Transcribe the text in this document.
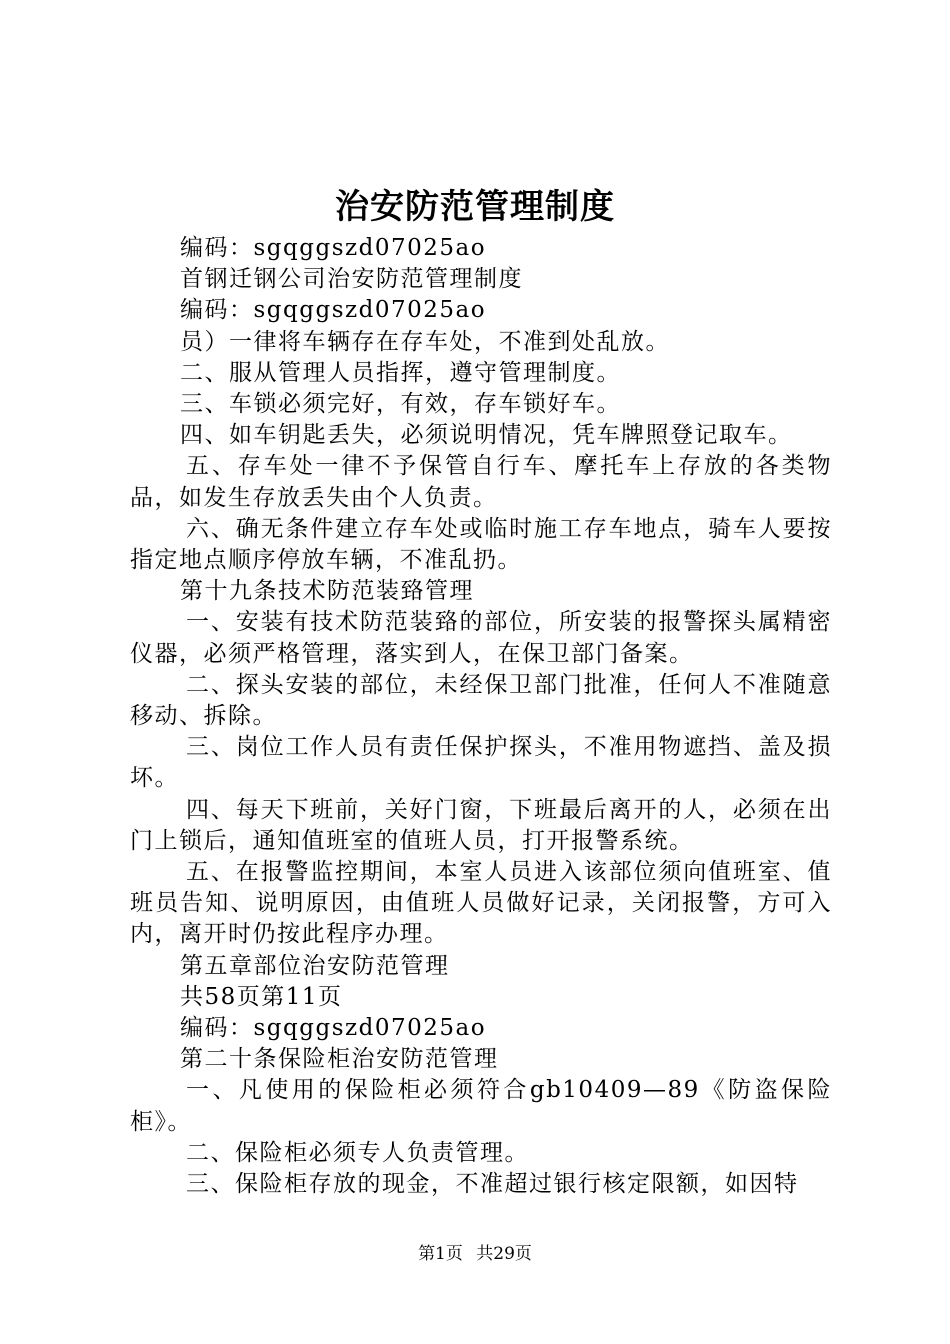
治安防范管理制度

编码：sgqggszd07025ao

首钢迁钢公司治安防范管理制度

编码：sgqggszd07025ao

员）一律将车辆存在存车处，不准到处乱放。

二、服从管理人员指挥，遵守管理制度。

三、车锁必须完好，有效，存车锁好车。

四、如车钥匙丢失，必须说明情况，凭车牌照登记取车。

五、存车处一律不予保管自行车、摩托车上存放的各类物品，如发生存放丢失由个人负责。

六、确无条件建立存车处或临时施工存车地点，骑车人要按指定地点顺序停放车辆，不准乱扔。

第十九条技术防范装臵管理

一、安装有技术防范装臵的部位，所安装的报警探头属精密仪器，必须严格管理，落实到人，在保卫部门备案。

二、探头安装的部位，未经保卫部门批准，任何人不准随意移动、拆除。

三、岗位工作人员有责任保护探头，不准用物遮挡、盖及损坏。

四、每天下班前，关好门窗，下班最后离开的人，必须在出门上锁后，通知值班室的值班人员，打开报警系统。

五、在报警监控期间，本室人员进入该部位须向值班室、值班员告知、说明原因，由值班人员做好记录，关闭报警，方可入内，离开时仍按此程序办理。

第五章部位治安防范管理

共58页第11页

编码：sgqggszd07025ao

第二十条保险柜治安防范管理

一、凡使用的保险柜必须符合gb10409—89《防盗保险柜》。

二、保险柜必须专人负责管理。

三、保险柜存放的现金，不准超过银行核定限额，如因特

第1页 共29页
